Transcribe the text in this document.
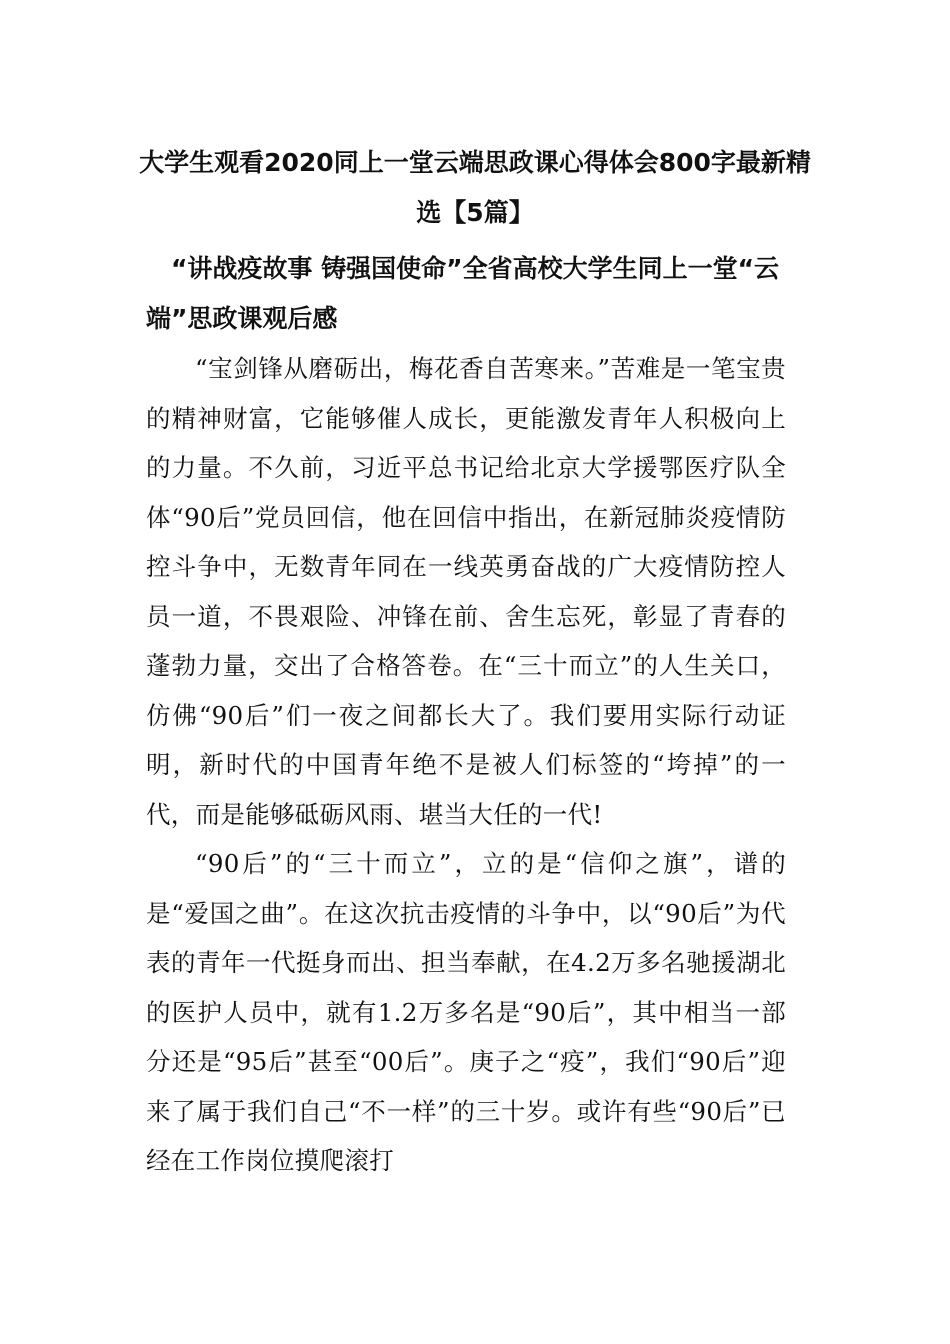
大学生观看2020同上一堂云端思政课心得体会800字最新精选【5篇】
“讲战疫故事 铸强国使命”全省高校大学生同上一堂“云端”思政课观后感

“宝剑锋从磨砺出，梅花香自苦寒来。”苦难是一笔宝贵的精神财富，它能够催人成长，更能激发青年人积极向上的力量。不久前，习近平总书记给北京大学援鄂医疗队全体“90后”党员回信，他在回信中指出，在新冠肺炎疫情防控斗争中，无数青年同在一线英勇奋战的广大疫情防控人员一道，不畏艰险、冲锋在前、舍生忘死，彰显了青春的蓬勃力量，交出了合格答卷。在“三十而立”的人生关口，仿佛“90后”们一夜之间都长大了。我们要用实际行动证明，新时代的中国青年绝不是被人们标签的“垮掉”的一代，而是能够砥砺风雨、堪当大任的一代!

“90后”的“三十而立”，立的是“信仰之旗”，谱的是“爱国之曲”。在这次抗击疫情的斗争中，以“90后”为代表的青年一代挺身而出、担当奉献，在4.2万多名驰援湖北的医护人员中，就有1.2万多名是“90后”，其中相当一部分还是“95后”甚至“00后”。庚子之“疫”，我们“90后”迎来了属于我们自己“不一样”的三十岁。或许有些“90后”已经在工作岗位摸爬滚打
